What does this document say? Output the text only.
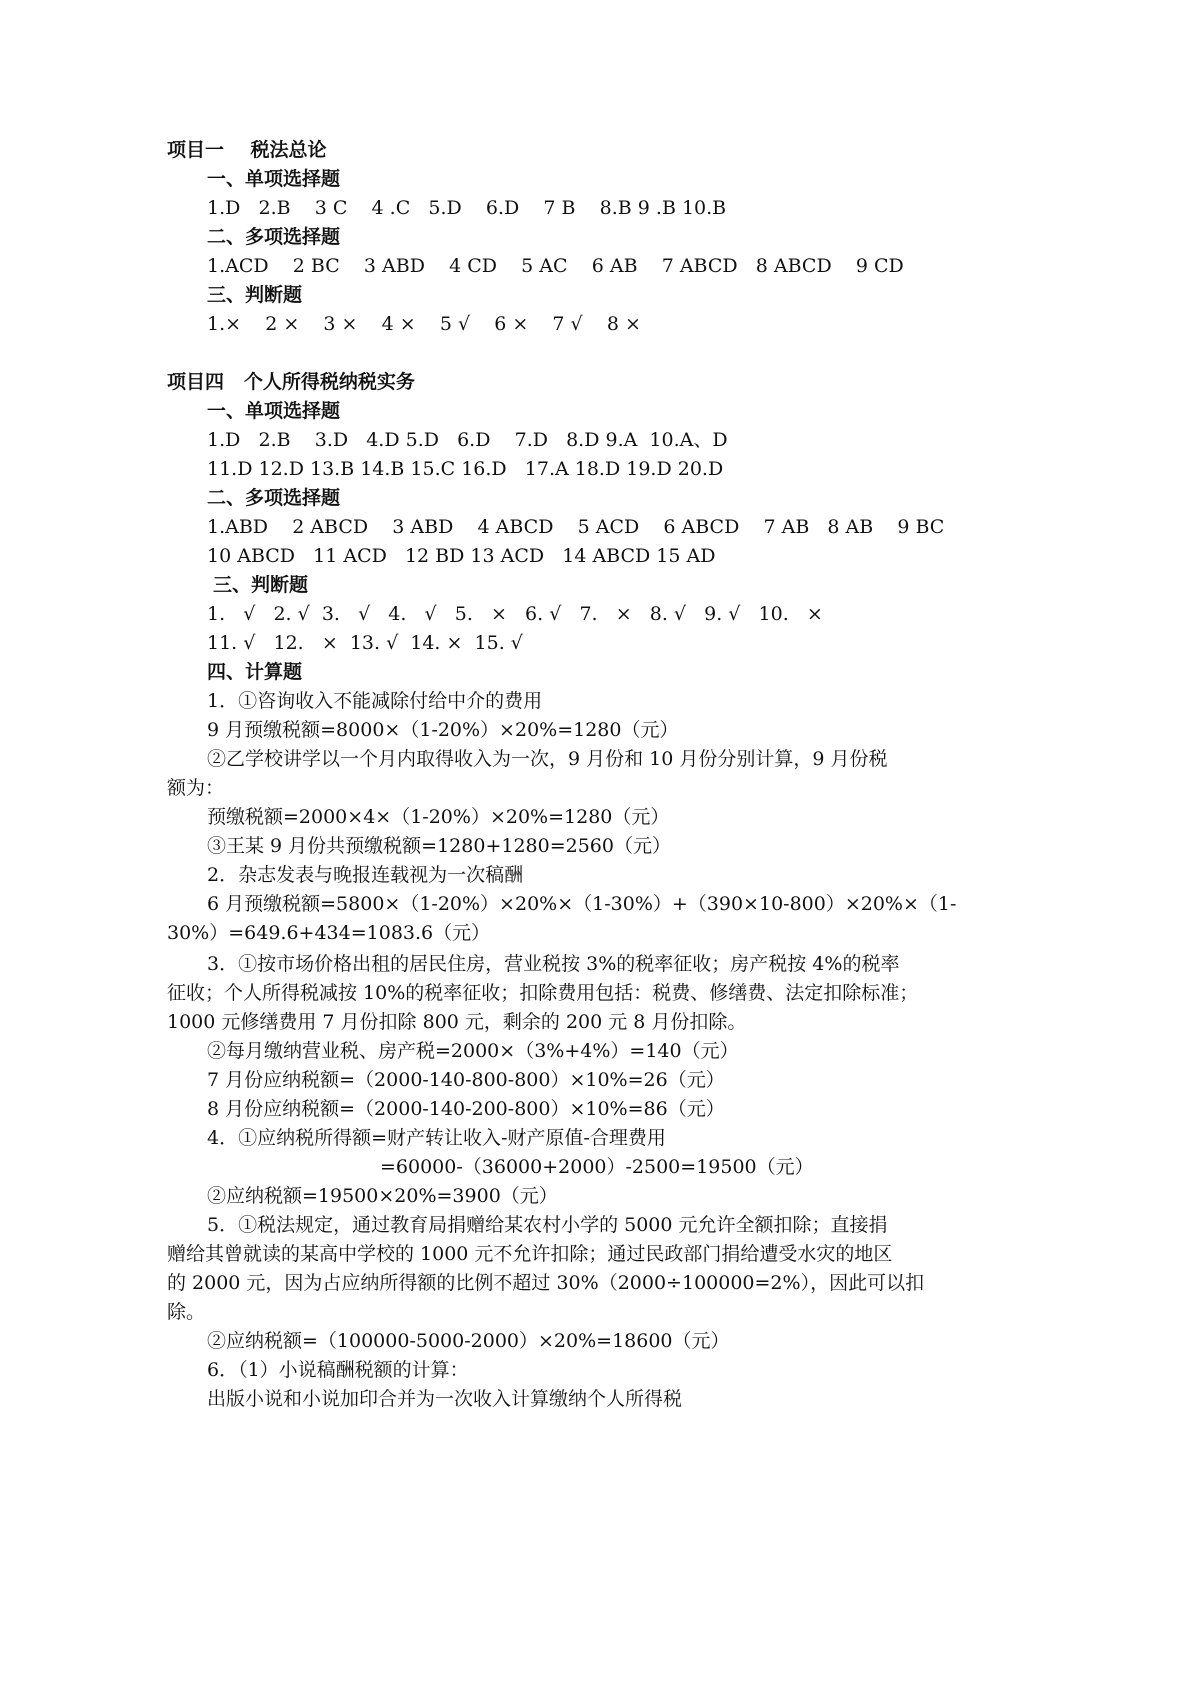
项目一    税法总论
一、单项选择题
1.D   2.B    3 C    4 .C   5.D    6.D    7 B    8.B 9 .B 10.B
二、多项选择题
1.ACD    2 BC    3 ABD    4 CD    5 AC    6 AB    7 ABCD   8 ABCD    9 CD
三、判断题
1.×    2 ×    3 ×    4 ×    5 √    6 ×    7 √    8 ×
项目四   个人所得税纳税实务
一、单项选择题
1.D   2.B    3.D   4.D 5.D   6.D    7.D   8.D 9.A  10.A、D
11.D 12.D 13.B 14.B 15.C 16.D   17.A 18.D 19.D 20.D
二、多项选择题
1.ABD    2 ABCD    3 ABD    4 ABCD    5 ACD    6 ABCD    7 AB   8 AB    9 BC
10 ABCD   11 ACD   12 BD 13 ACD   14 ABCD 15 AD
三、判断题
1.   √   2. √  3.   √   4.   √   5.   ×   6. √   7.   ×   8. √   9. √   10.   ×
11. √   12.   ×  13. √  14. ×  15. √
四、计算题
1．①咨询收入不能减除付给中介的费用
9 月预缴税额=8000×（1-20%）×20%=1280（元）
②乙学校讲学以一个月内取得收入为一次，9 月份和 10 月份分别计算，9 月份税
额为：
预缴税额=2000×4×（1-20%）×20%=1280（元）
③王某 9 月份共预缴税额=1280+1280=2560（元）
2．杂志发表与晚报连载视为一次稿酬
6 月预缴税额=5800×（1-20%）×20%×（1-30%）+（390×10-800）×20%×（1-
30%）=649.6+434=1083.6（元）
3．①按市场价格出租的居民住房，营业税按 3%的税率征收；房产税按 4%的税率
征收；个人所得税减按 10%的税率征收；扣除费用包括：税费、修缮费、法定扣除标准；
1000 元修缮费用 7 月份扣除 800 元，剩余的 200 元 8 月份扣除。
②每月缴纳营业税、房产税=2000×（3%+4%）=140（元）
7 月份应纳税额=（2000-140-800-800）×10%=26（元）
8 月份应纳税额=（2000-140-200-800）×10%=86（元）
4．①应纳税所得额=财产转让收入-财产原值-合理费用
=60000-（36000+2000）-2500=19500（元）
②应纳税额=19500×20%=3900（元）
5．①税法规定，通过教育局捐赠给某农村小学的 5000 元允许全额扣除；直接捐
赠给其曾就读的某高中学校的 1000 元不允许扣除；通过民政部门捐给遭受水灾的地区
的 2000 元，因为占应纳所得额的比例不超过 30%（2000÷100000=2%），因此可以扣
除。
②应纳税额=（100000-5000-2000）×20%=18600（元）
6．（1）小说稿酬税额的计算：
出版小说和小说加印合并为一次收入计算缴纳个人所得税
